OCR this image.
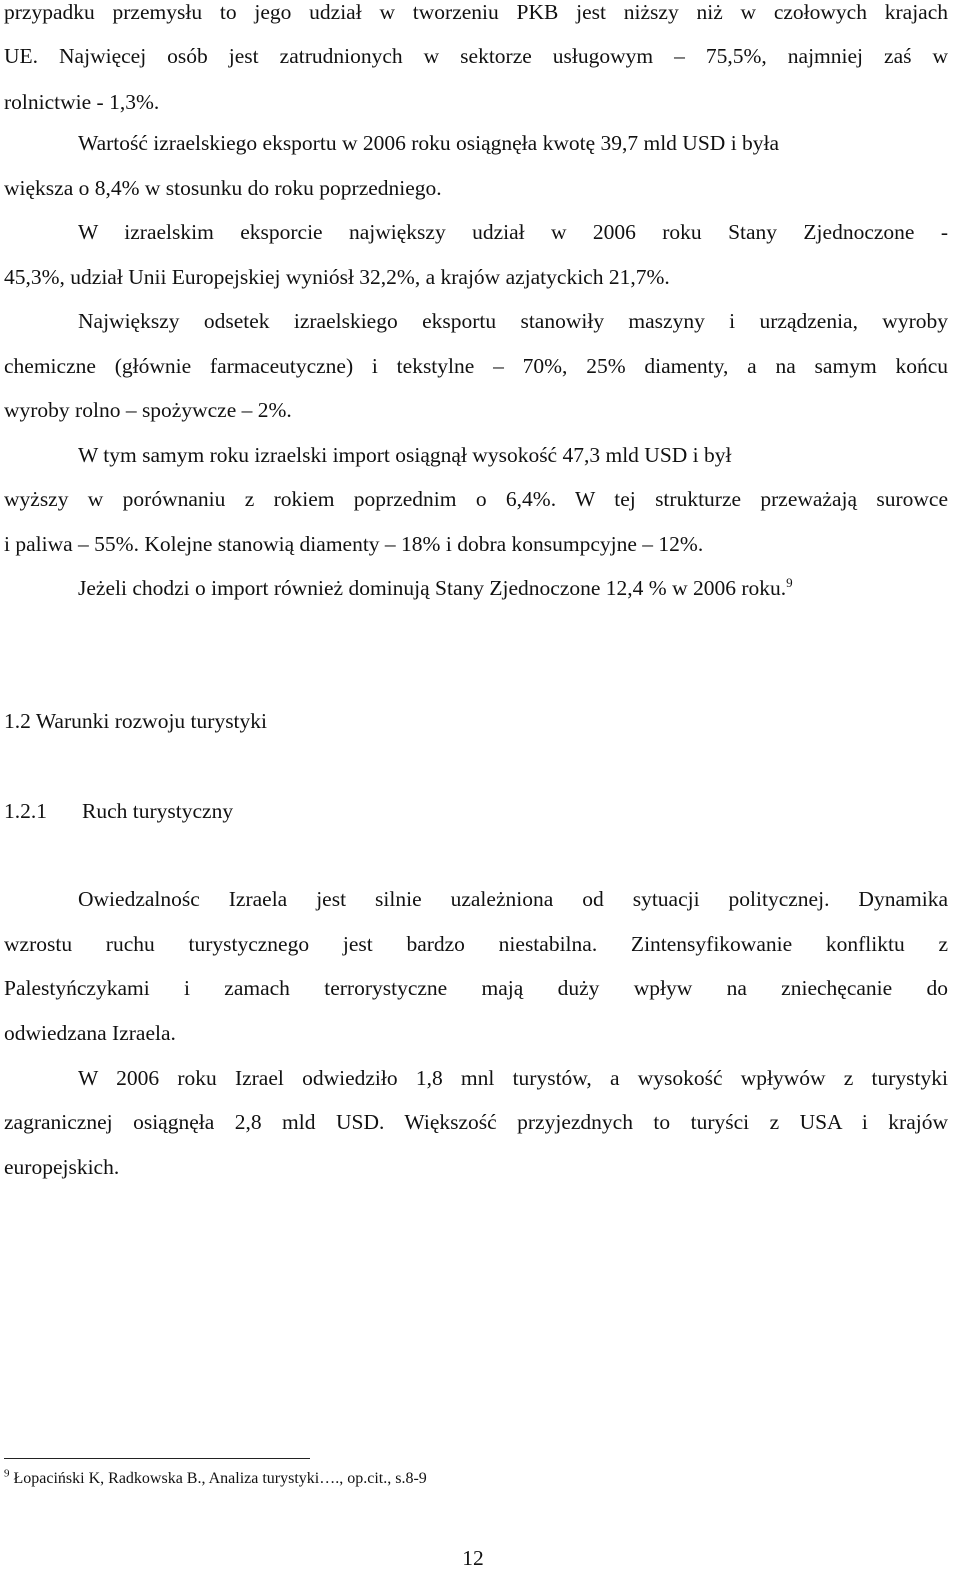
przypadku przemysłu to jego udział w tworzeniu PKB jest niższy niż w czołowych krajach
UE. Najwięcej osób jest zatrudnionych w sektorze usługowym – 75,5%, najmniej zaś w
rolnictwie - 1,3%.
Wartość izraelskiego eksportu w 2006 roku osiągnęła kwotę 39,7 mld USD i była
większa o 8,4% w stosunku do roku poprzedniego.
W izraelskim eksporcie największy udział w 2006 roku Stany Zjednoczone -
45,3%, udział Unii Europejskiej wyniósł 32,2%, a krajów azjatyckich 21,7%.
Największy odsetek izraelskiego eksportu stanowiły maszyny i urządzenia, wyroby
chemiczne (głównie farmaceutyczne) i tekstylne – 70%, 25% diamenty, a na samym końcu
wyroby rolno – spożywcze – 2%.
W tym samym roku izraelski import osiągnął wysokość 47,3 mld USD i był
wyższy w porównaniu z rokiem poprzednim o 6,4%. W tej strukturze przeważają surowce
i paliwa – 55%. Kolejne stanowią diamenty – 18% i dobra konsumpcyjne – 12%.
Jeżeli chodzi o import również dominują Stany Zjednoczone 12,4 % w 2006 roku.$^9$
1.2 Warunki rozwoju turystyki
1.2.1 Ruch turystyczny
Owiedzalnośc Izraela jest silnie uzależniona od sytuacji politycznej. Dynamika
wzrostu ruchu turystycznego jest bardzo niestabilna. Zintensyfikowanie konfliktu z
Palestyńczykami i zamach terrorystyczne mają duży wpływ na zniechęcanie do
odwiedzana Izraela.
W 2006 roku Izrael odwiedziło 1,8 mnl turystów, a wysokość wpływów z turystyki
zagranicznej osiągnęła 2,8 mld USD. Większość przyjezdnych to turyści z USA i krajów
europejskich.
$^9$ Łopaciński K, Radkowska B., Analiza turystyki…., op.cit., s.8-9
12
